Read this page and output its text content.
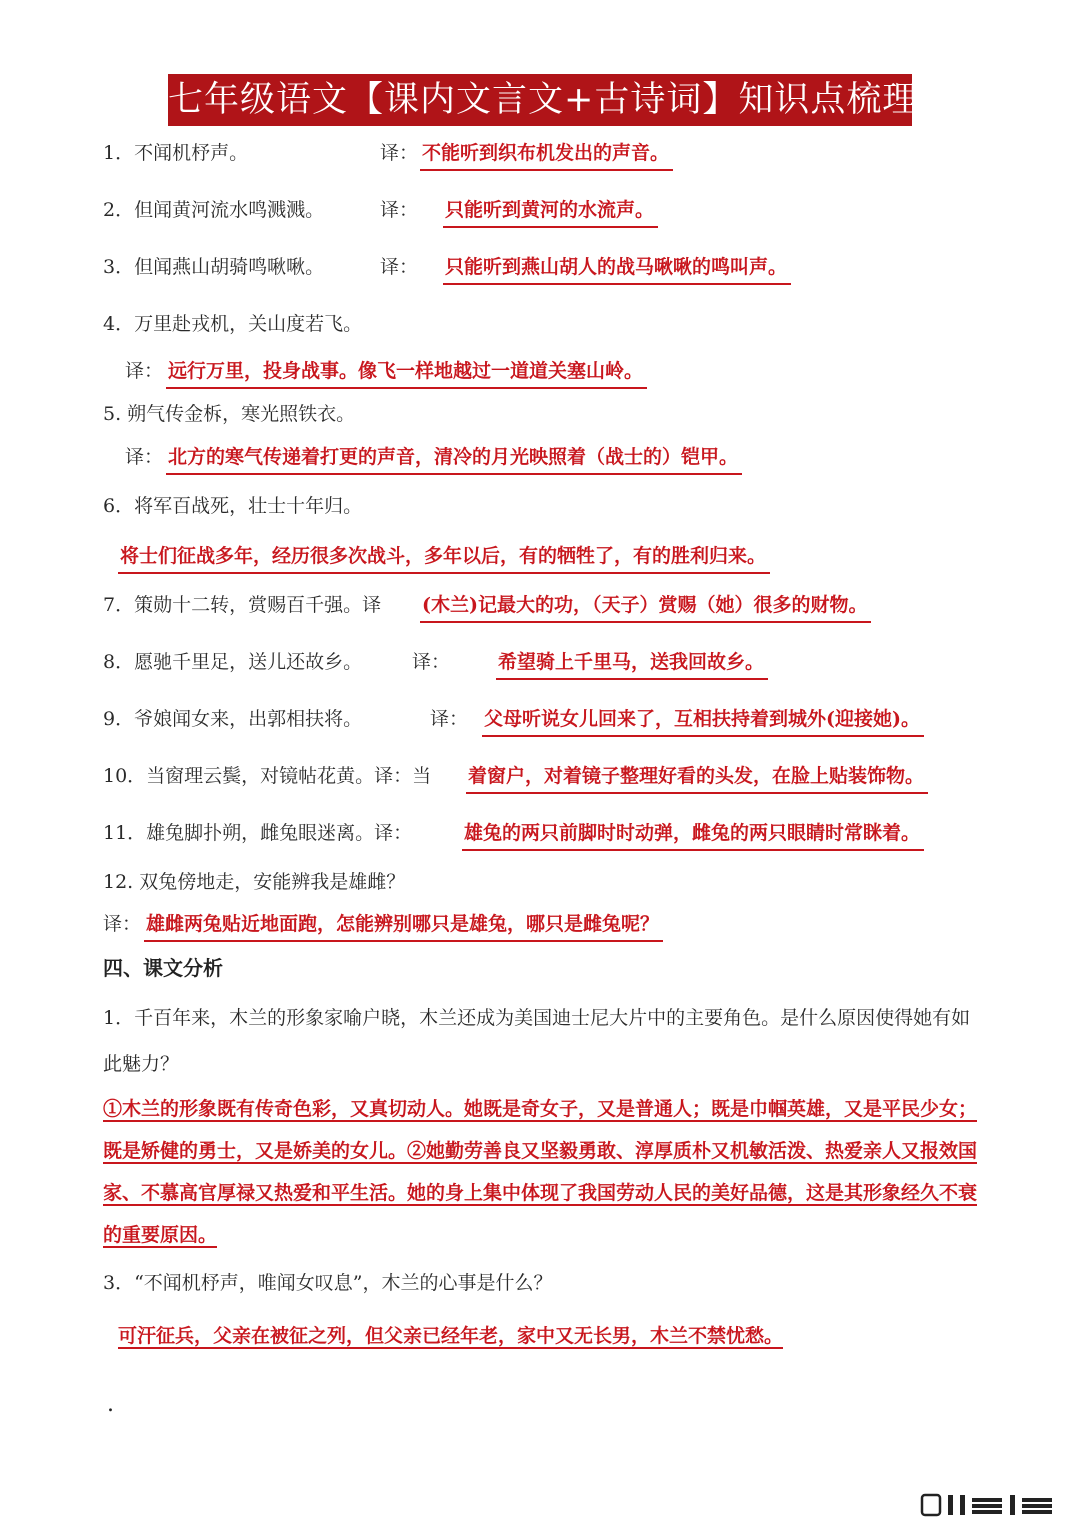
七年级语文【课内文言文+古诗词】知识点梳理
1．不闻机杼声。	译： 不能听到织布机发出的声音。
2．但闻黄河流水鸣溅溅。	译： 只能听到黄河的水流声。
3．但闻燕山胡骑鸣啾啾。	译： 只能听到燕山胡人的战马啾啾的鸣叫声。
4．万里赴戎机，关山度若飞。
译： 远行万里，投身战事。像飞一样地越过一道道关塞山岭。
5. 朔气传金柝，寒光照铁衣。
译： 北方的寒气传递着打更的声音，清冷的月光映照着（战士的）铠甲。
6．将军百战死，壮士十年归。
将士们征战多年，经历很多次战斗，多年以后，有的牺牲了，有的胜利归来。
7．策勋十二转，赏赐百千强。译 (木兰)记最大的功，（天子）赏赐（她）很多的财物。
8．愿驰千里足，送儿还故乡。	译：	希望骑上千里马，送我回故乡。
9．爷娘闻女来，出郭相扶将。	译： 父母听说女儿回来了，互相扶持着到城外(迎接她)。
10．当窗理云鬓，对镜帖花黄。译：当 着窗户，对着镜子整理好看的头发，在脸上贴装饰物。
11．雄兔脚扑朔，雌兔眼迷离。译：	雄兔的两只前脚时时动弹，雌兔的两只眼睛时常眯着。
12. 双兔傍地走，安能辨我是雄雌？
译： 雄雌两兔贴近地面跑，怎能辨别哪只是雄兔，哪只是雌兔呢？
四、课文分析
1．千百年来，木兰的形象家喻户晓，木兰还成为美国迪士尼大片中的主要角色。是什么原因使得她有如此魅力？
①木兰的形象既有传奇色彩，又真切动人。她既是奇女子，又是普通人；既是巾帼英雄，又是平民少女；既是矫健的勇士，又是娇美的女儿。②她勤劳善良又坚毅勇敢、淳厚质朴又机敏活泼、热爱亲人又报效国家、不慕高官厚禄又热爱和平生活。她的身上集中体现了我国劳动人民的美好品德，这是其形象经久不衰的重要原因。
3．“不闻机杼声，唯闻女叹息”，木兰的心事是什么？
可汗征兵，父亲在被征之列，但父亲已经年老，家中又无长男，木兰不禁忧愁。
.
